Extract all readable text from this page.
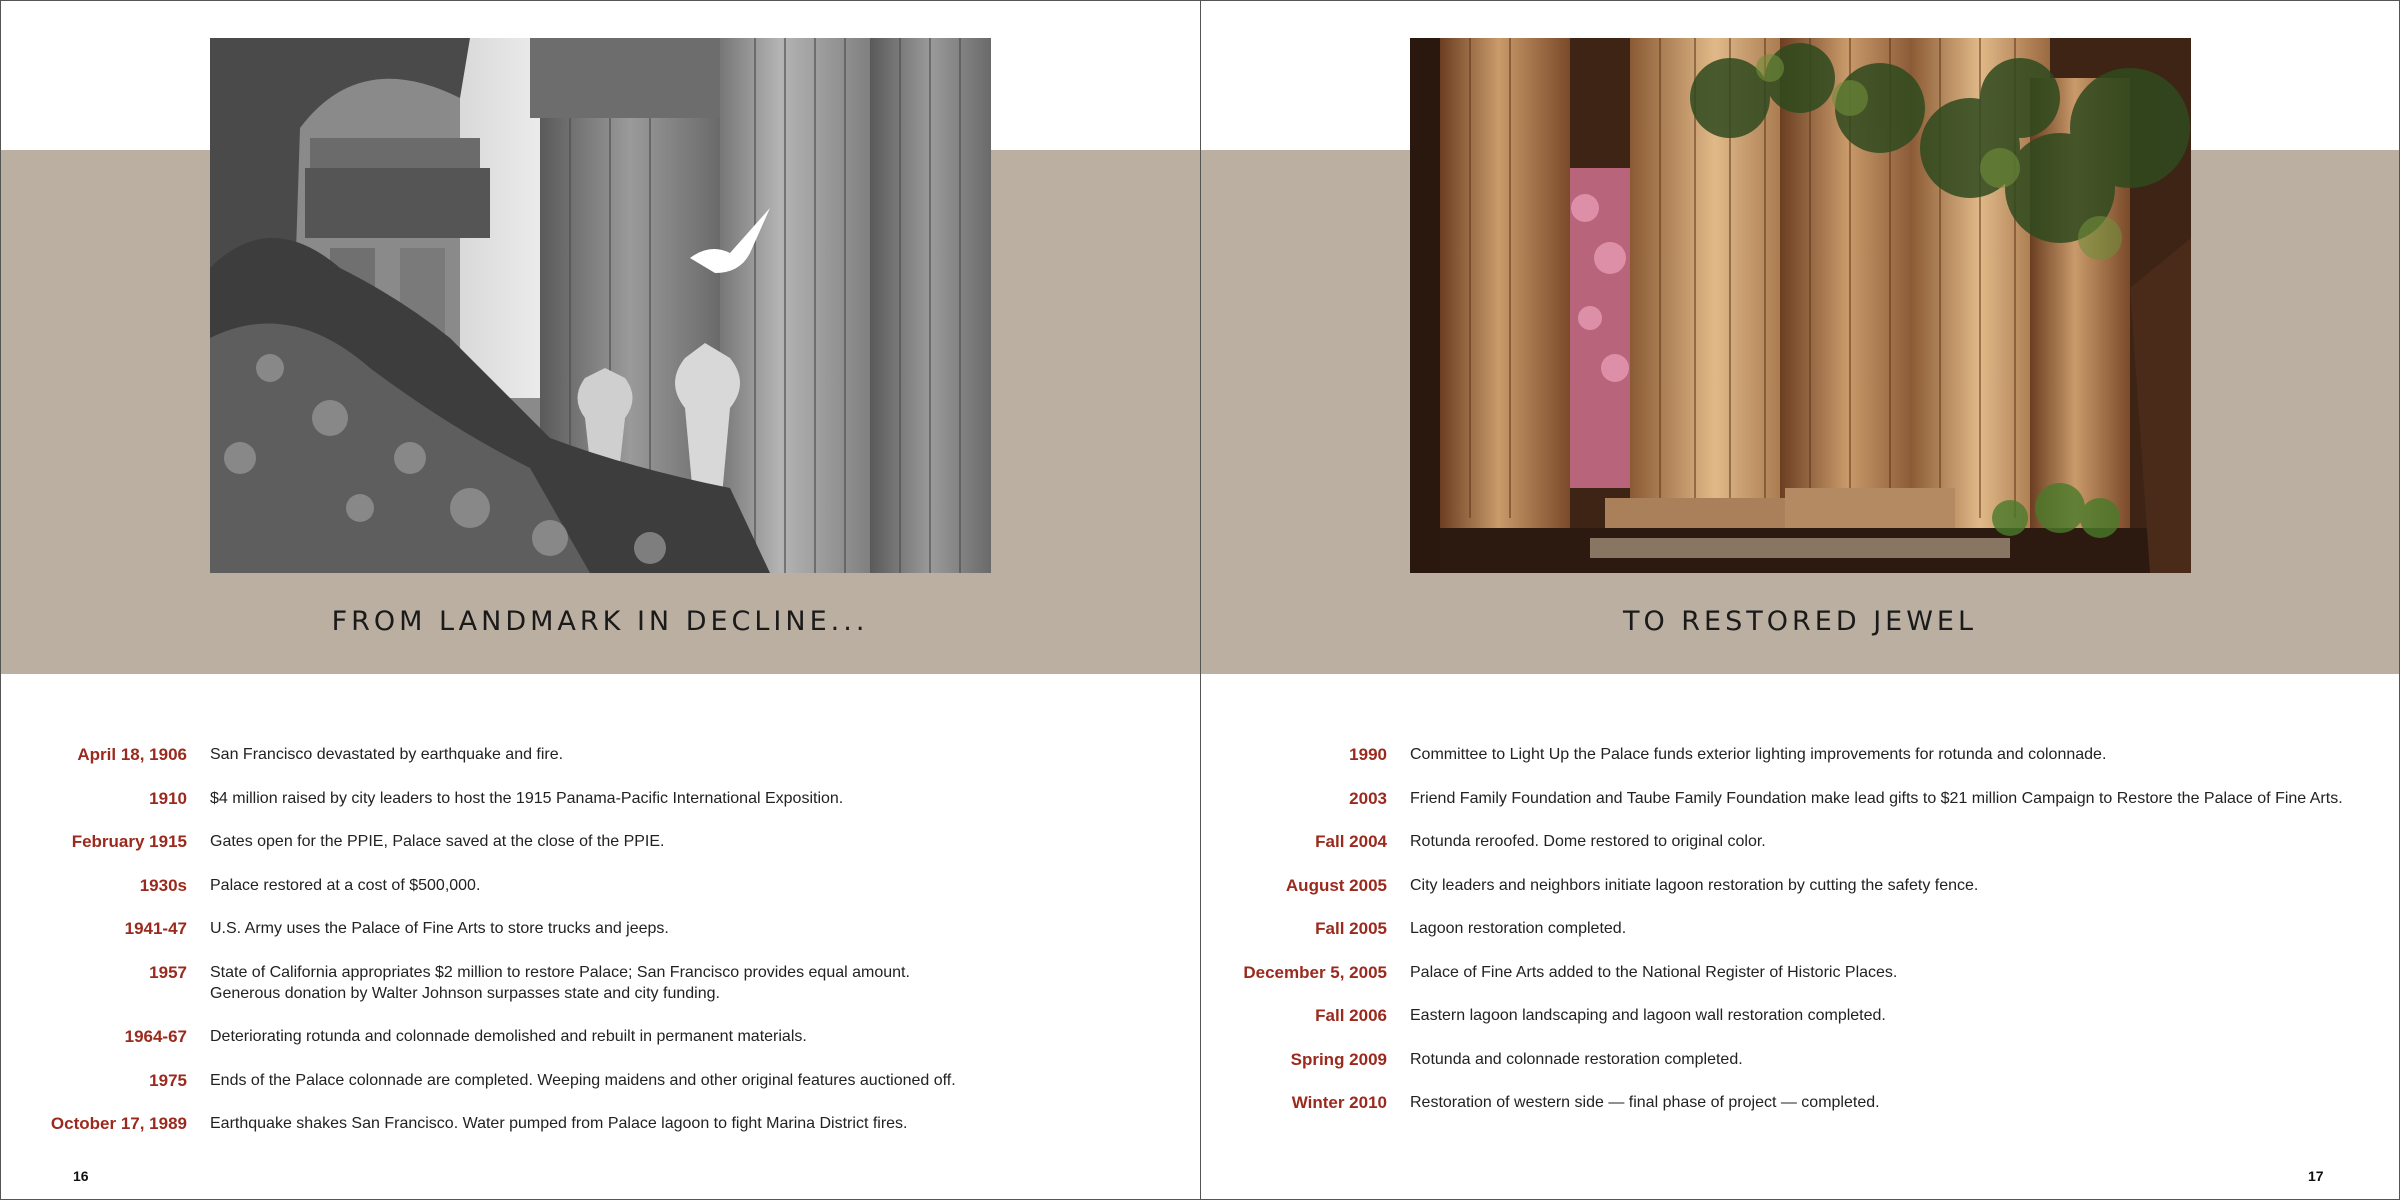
FROM LANDMARK IN DECLINE...	TO RESTORED JEWEL
April 18, 1906	San Francisco devastated by earthquake and fire.
1910	$4 million raised by city leaders to host the 1915 Panama-Pacific International Exposition.
February 1915	Gates open for the PPIE, Palace saved at the close of the PPIE.
1930s	Palace restored at a cost of $500,000.
1941-47	U.S. Army uses the Palace of Fine Arts to store trucks and jeeps.
1957	State of California appropriates $2 million to restore Palace; San Francisco provides equal amount.
Generous donation by Walter Johnson surpasses state and city funding.
1964-67	Deteriorating rotunda and colonnade demolished and rebuilt in permanent materials.
1975	Ends of the Palace colonnade are completed. Weeping maidens and other original features auctioned off.
October 17, 1989	Earthquake shakes San Francisco. Water pumped from Palace lagoon to fight Marina District fires.
1990	Committee to Light Up the Palace funds exterior lighting improvements for rotunda and colonnade.
2003	Friend Family Foundation and Taube Family Foundation make lead gifts to $21 million Campaign to Restore the Palace of Fine Arts.
Fall 2004	Rotunda reroofed. Dome restored to original color.
August 2005	City leaders and neighbors initiate lagoon restoration by cutting the safety fence.
Fall 2005	Lagoon restoration completed.
December 5, 2005	Palace of Fine Arts added to the National Register of Historic Places.
Fall 2006	Eastern lagoon landscaping and lagoon wall restoration completed.
Spring 2009	Rotunda and colonnade restoration completed.
Winter 2010	Restoration of western side — final phase of project — completed.
16	17
